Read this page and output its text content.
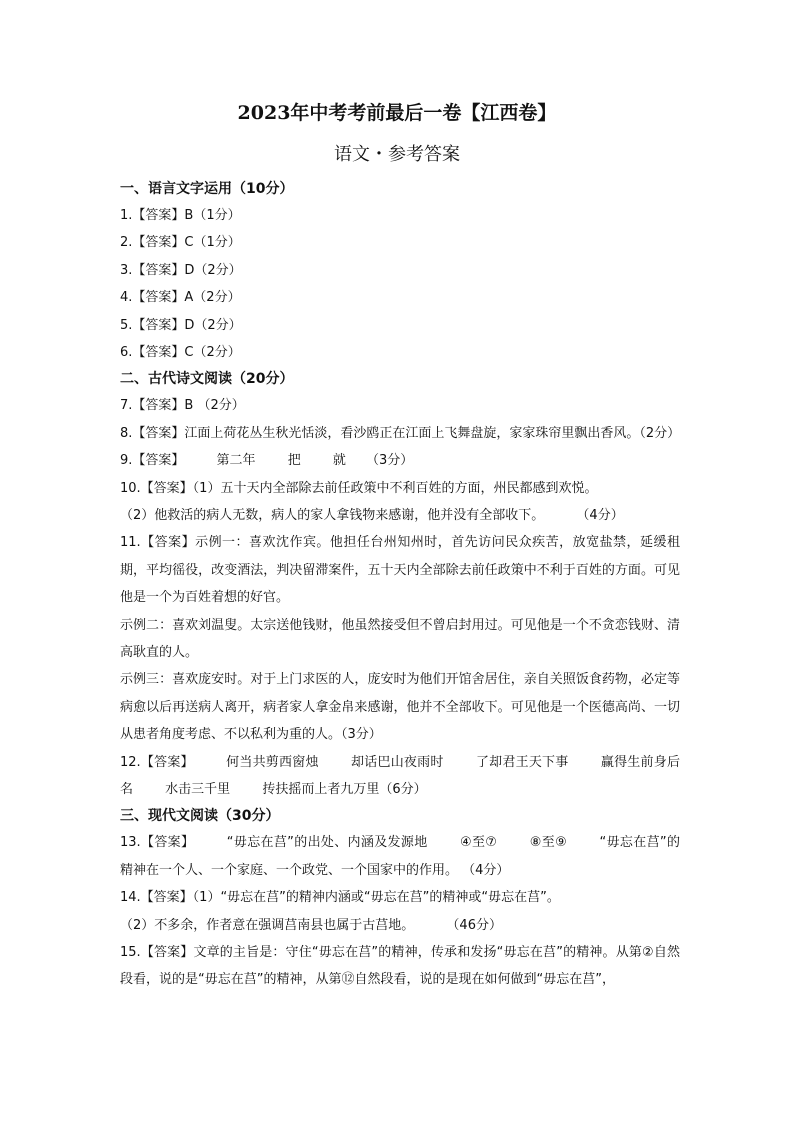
2023年中考考前最后一卷【江西卷】
语文・参考答案
一、语言文字运用（10分）
1.【答案】B（1分）
2.【答案】C（1分）
3.【答案】D（2分）
4.【答案】A（2分）
5.【答案】D（2分）
6.【答案】C（2分）
二、古代诗文阅读（20分）
7.【答案】B （2分）
8.【答案】江面上荷花丛生秋光恬淡，看沙鸥正在江面上飞舞盘旋，家家珠帘里飘出香风。（2分）
9.【答案】 第二年 把 就 （3分）
10.【答案】（1）五十天内全部除去前任政策中不利百姓的方面，州民都感到欢悦。
（2）他救活的病人无数，病人的家人拿钱物来感谢，他并没有全部收下。 （4分）
11.【答案】示例一：喜欢沈作宾。他担任台州知州时，首先访问民众疾苦，放宽盐禁，延缓租期，平均徭役，改变酒法，判决留滞案件，五十天内全部除去前任政策中不利于百姓的方面。可见他是一个为百姓着想的好官。
示例二：喜欢刘温叟。太宗送他钱财，他虽然接受但不曾启封用过。可见他是一个不贪恋钱财、清高耿直的人。
示例三：喜欢庞安时。对于上门求医的人，庞安时为他们开馆舍居住，亲自关照饭食药物，必定等病愈以后再送病人离开，病者家人拿金帛来感谢，他并不全部收下。可见他是一个医德高尚、一切从患者角度考虑、不以私利为重的人。（3分）
12.【答案】 何当共剪西窗烛 却话巴山夜雨时 了却君王天下事 赢得生前身后名 水击三千里 抟扶摇而上者九万里（6分）
三、现代文阅读（30分）
13.【答案】 “毋忘在莒”的出处、内涵及发源地 ④至⑦ ⑧至⑨ “毋忘在莒”的精神在一个人、一个家庭、一个政党、一个国家中的作用。 （4分）
14.【答案】（1）“毋忘在莒”的精神内涵或“毋忘在莒”的精神或“毋忘在莒”。
（2）不多余，作者意在强调莒南县也属于古莒地。 （46分）
15.【答案】文章的主旨是：守住“毋忘在莒”的精神，传承和发扬“毋忘在莒”的精神。从第②自然段看，说的是“毋忘在莒”的精神，从第⑫自然段看，说的是现在如何做到“毋忘在莒”，
